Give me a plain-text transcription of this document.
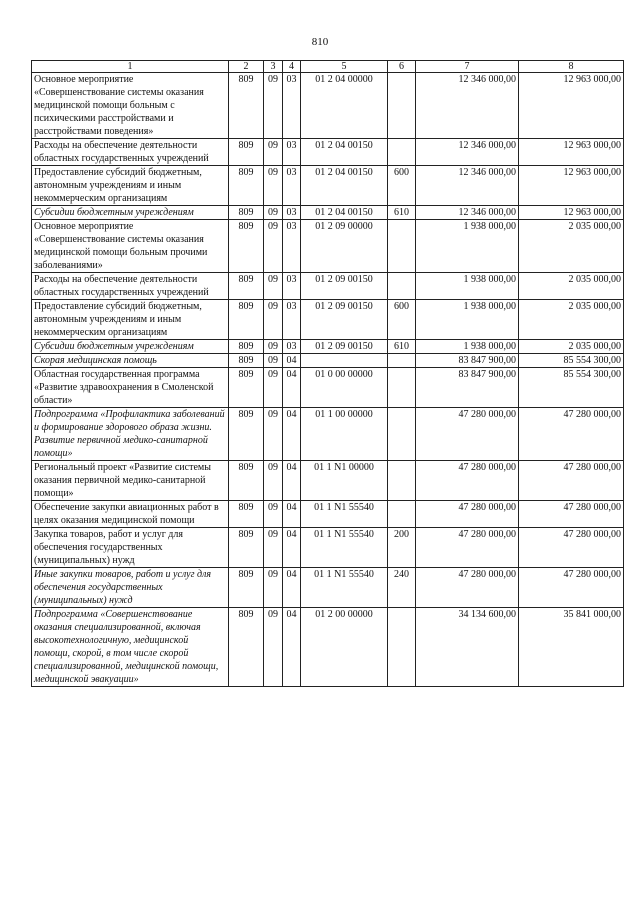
810
1	2	3	4	5	6	7	8
Основное мероприятие «Совершенствование системы оказания медицинской помощи больным с психическими расстройствами и расстройствами поведения»	809	09	03	01 2 04 00000		12 346 000,00	12 963 000,00
Расходы на обеспечение деятельности областных государственных учреждений	809	09	03	01 2 04 00150		12 346 000,00	12 963 000,00
Предоставление субсидий бюджетным, автономным учреждениям и иным некоммерческим организациям	809	09	03	01 2 04 00150	600	12 346 000,00	12 963 000,00
Субсидии бюджетным учреждениям	809	09	03	01 2 04 00150	610	12 346 000,00	12 963 000,00
Основное мероприятие «Совершенствование системы оказания медицинской помощи больным прочими заболеваниями»	809	09	03	01 2 09 00000		1 938 000,00	2 035 000,00
Расходы на обеспечение деятельности областных государственных учреждений	809	09	03	01 2 09 00150		1 938 000,00	2 035 000,00
Предоставление субсидий бюджетным, автономным учреждениям и иным некоммерческим организациям	809	09	03	01 2 09 00150	600	1 938 000,00	2 035 000,00
Субсидии бюджетным учреждениям	809	09	03	01 2 09 00150	610	1 938 000,00	2 035 000,00
Скорая медицинская помощь	809	09	04			83 847 900,00	85 554 300,00
Областная государственная программа «Развитие здравоохранения в Смоленской области»	809	09	04	01 0 00 00000		83 847 900,00	85 554 300,00
Подпрограмма «Профилактика заболеваний и формирование здорового образа жизни. Развитие первичной медико-санитарной помощи»	809	09	04	01 1 00 00000		47 280 000,00	47 280 000,00
Региональный проект «Развитие системы оказания первичной медико-санитарной помощи»	809	09	04	01 1 N1 00000		47 280 000,00	47 280 000,00
Обеспечение закупки авиационных работ в целях оказания медицинской помощи	809	09	04	01 1 N1 55540		47 280 000,00	47 280 000,00
Закупка товаров, работ и услуг для обеспечения государственных (муниципальных) нужд	809	09	04	01 1 N1 55540	200	47 280 000,00	47 280 000,00
Иные закупки товаров, работ и услуг для обеспечения государственных (муниципальных) нужд	809	09	04	01 1 N1 55540	240	47 280 000,00	47 280 000,00
Подпрограмма «Совершенствование оказания специализированной, включая высокотехнологичную, медицинской помощи, скорой, в том числе скорой специализированной, медицинской помощи, медицинской эвакуации»	809	09	04	01 2 00 00000		34 134 600,00	35 841 000,00
